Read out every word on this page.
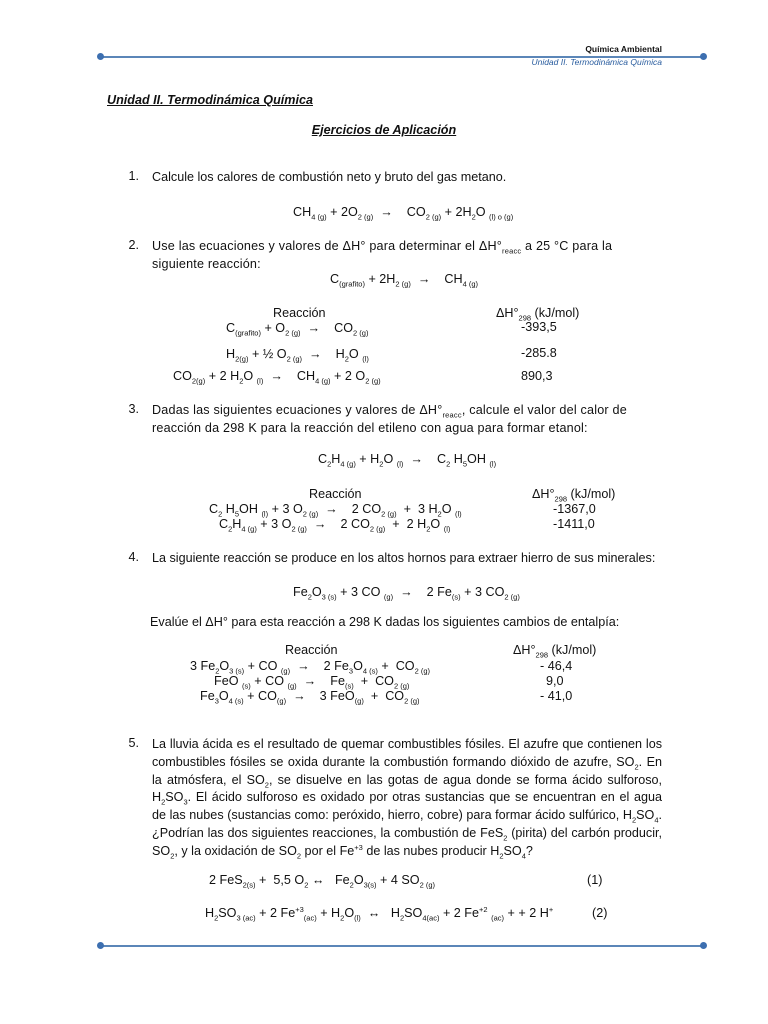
Química Ambiental
Unidad II. Termodinámica Química
Unidad II. Termodinámica Química
Ejercicios de Aplicación
1. Calcule los calores de combustión neto y bruto del gas metano.
$CH_{4 (g)} + 2O_{2 (g)}$  →    $CO_{2 (g)} + 2H_2O$ $_{(l) o (g)}$
2. Use las ecuaciones y valores de ΔH° para determinar el $\Delta H^\circ_{reacc}$ a 25 °C para la siguiente reacción:
$C_{(grafito)} + 2H_{2 (g)}$  →    $CH_{4 (g)}$
Reacción	$\Delta H^\circ_{298}$ (kJ/mol)
$C_{(grafito)} + O_{2 (g)}$  →    $CO_{2 (g)}$	-393,5
$H_{2(g)}$ + ½ $O_{2 (g)}$  →    $H_2O$ $_{(l)}$	-285.8
$CO_{2(g)} + 2$ $H_2O$ $_{(l)}$  →    $CH_{4 (g)} + 2$ $O_{2 (g)}$	890,3
3. Dadas las siguientes ecuaciones y valores de $\Delta H^\circ_{reacc}$, calcule el valor del calor de reacción da 298 K para la reacción del etileno con agua para formar etanol:
$C_2H_{4 (g)} + H_2O$ $_{(l)}$  →    $C_2$ $H_5OH$ $_{(l)}$
Reacción	$\Delta H^\circ_{298}$ (kJ/mol)
$C_2$ $H_5OH$ $_{(l)}$ + 3 $O_{2 (g)}$  →    2 $CO_{2 (g)} + 3$ $H_2O$ $_{(l)}$	-1367,0
$C_2H_{4 (g)} + 3$ $O_{2 (g)}$  →    2 $CO_{2 (g)} + 2$ $H_2O$ $_{(l)}$	-1411,0
4. La siguiente reacción se produce en los altos hornos para extraer hierro de sus minerales:
$Fe_2O_{3 (s)} + 3$ CO $_{(g)}$  →    2 $Fe_{(s)} + 3$ $CO_{2 (g)}$
Evalúe el ΔH° para esta reacción a 298 K dadas los siguientes cambios de entalpía:
Reacción	$\Delta H^\circ_{298}$ (kJ/mol)
3 $Fe_2O_{3 (s)}$ + CO $_{(g)}$  →    2 $Fe_3O_{4 (s)} + CO_{2 (g)}$	- 46,4
FeO $_{(s)}$ + CO $_{(g)}$  →    $Fe_{(s)} + CO_{2 (g)}$	9,0
$Fe_3O_{4 (s)} + CO_{(g)}$  →    3 $FeO_{(g)} + CO_{2 (g)}$	- 41,0
5. La lluvia ácida es el resultado de quemar combustibles fósiles. El azufre que contienen los combustibles fósiles se oxida durante la combustión formando dióxido de azufre, $SO_2$. En la atmósfera, el $SO_2$, se disuelve en las gotas de agua donde se forma ácido sulforoso, $H_2SO_3$. El ácido sulforoso es oxidado por otras sustancias que se encuentran en el agua de las nubes (sustancias como: peróxido, hierro, cobre) para formar ácido sulfúrico, $H_2SO_4$. ¿Podrían las dos siguientes reacciones, la combustión de FeS$_2$ (pirita) del carbón producir, $SO_2$, y la oxidación de $SO_2$ por el $Fe^{+3}$ de las nubes producir $H_2SO_4$?
2 FeS$_{2(s)}$ +  5,5 $O_2$ ↔   $Fe_2O_{3(s)} + 4$ $SO_{2 (g)}$	(1)
$H_2SO_{3 (ac)} + 2$ $Fe^{+3}_{(ac)} + H_2O_{(l)}$  ↔   $H_2SO_{4(ac)} + 2$ $Fe^{+2}$ $_{(ac)}$ + + 2 H+	(2)
